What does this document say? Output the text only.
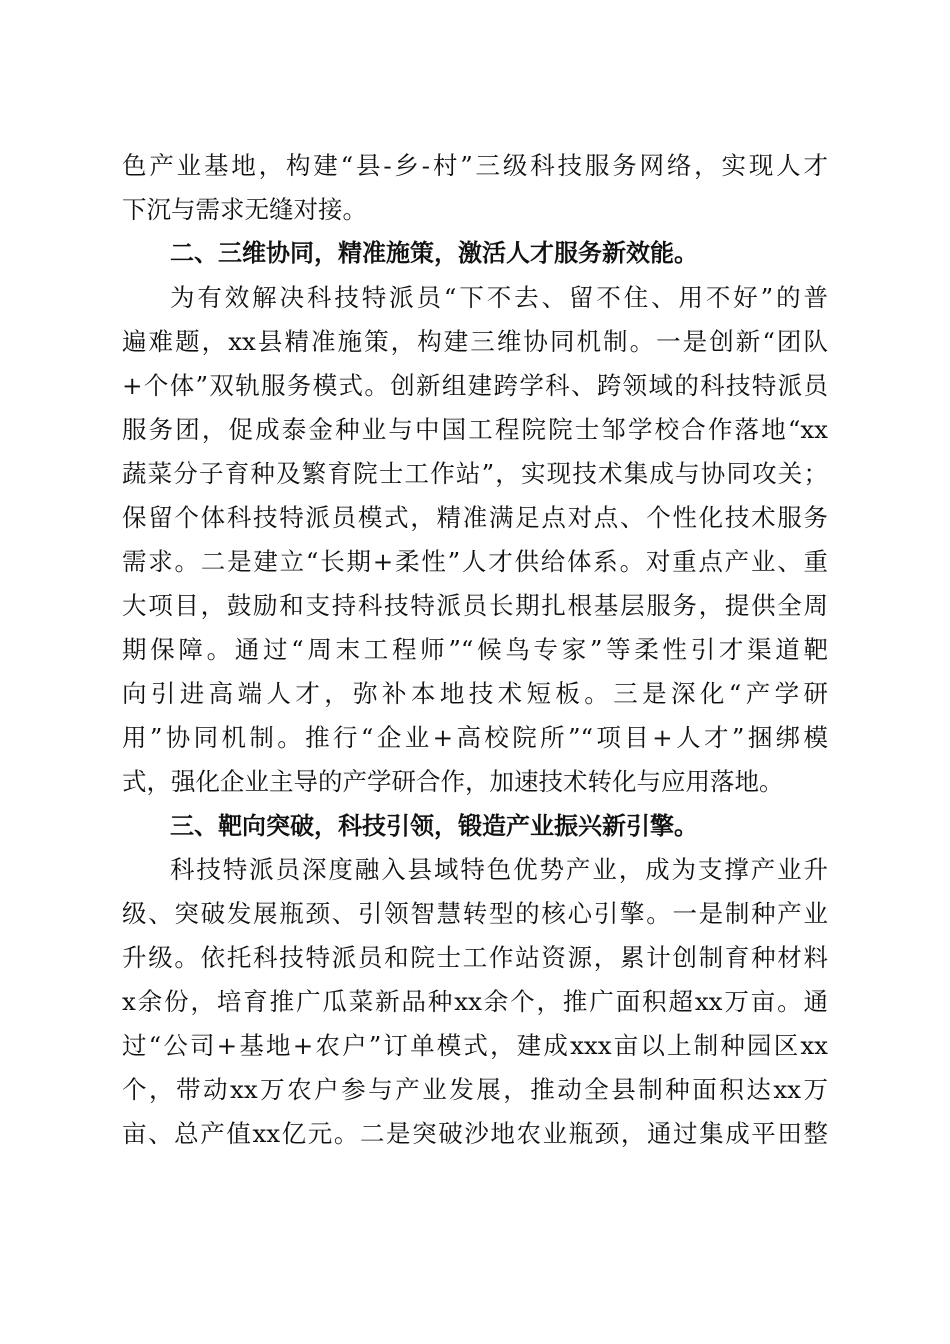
色产业基地，构建“县-乡-村”三级科技服务网络，实现人才
下沉与需求无缝对接。
二、三维协同，精准施策，激活人才服务新效能。
为有效解决科技特派员“下不去、留不住、用不好”的普
遍难题，xx县精准施策，构建三维协同机制。一是创新“团队
+个体”双轨服务模式。创新组建跨学科、跨领域的科技特派员
服务团，促成泰金种业与中国工程院院士邹学校合作落地“xx
蔬菜分子育种及繁育院士工作站”，实现技术集成与协同攻关；
保留个体科技特派员模式，精准满足点对点、个性化技术服务
需求。二是建立“长期+柔性”人才供给体系。对重点产业、重
大项目，鼓励和支持科技特派员长期扎根基层服务，提供全周
期保障。通过“周末工程师”“候鸟专家”等柔性引才渠道靶
向引进高端人才，弥补本地技术短板。三是深化“产学研
用”协同机制。推行“企业+高校院所”“项目+人才”捆绑模
式，强化企业主导的产学研合作，加速技术转化与应用落地。
三、靶向突破，科技引领，锻造产业振兴新引擎。
科技特派员深度融入县域特色优势产业，成为支撑产业升
级、突破发展瓶颈、引领智慧转型的核心引擎。一是制种产业
升级。依托科技特派员和院士工作站资源，累计创制育种材料
x余份，培育推广瓜菜新品种xx余个，推广面积超xx万亩。通
过“公司+基地+农户”订单模式，建成xxx亩以上制种园区xx
个，带动xx万农户参与产业发展，推动全县制种面积达xx万
亩、总产值xx亿元。二是突破沙地农业瓶颈，通过集成平田整
